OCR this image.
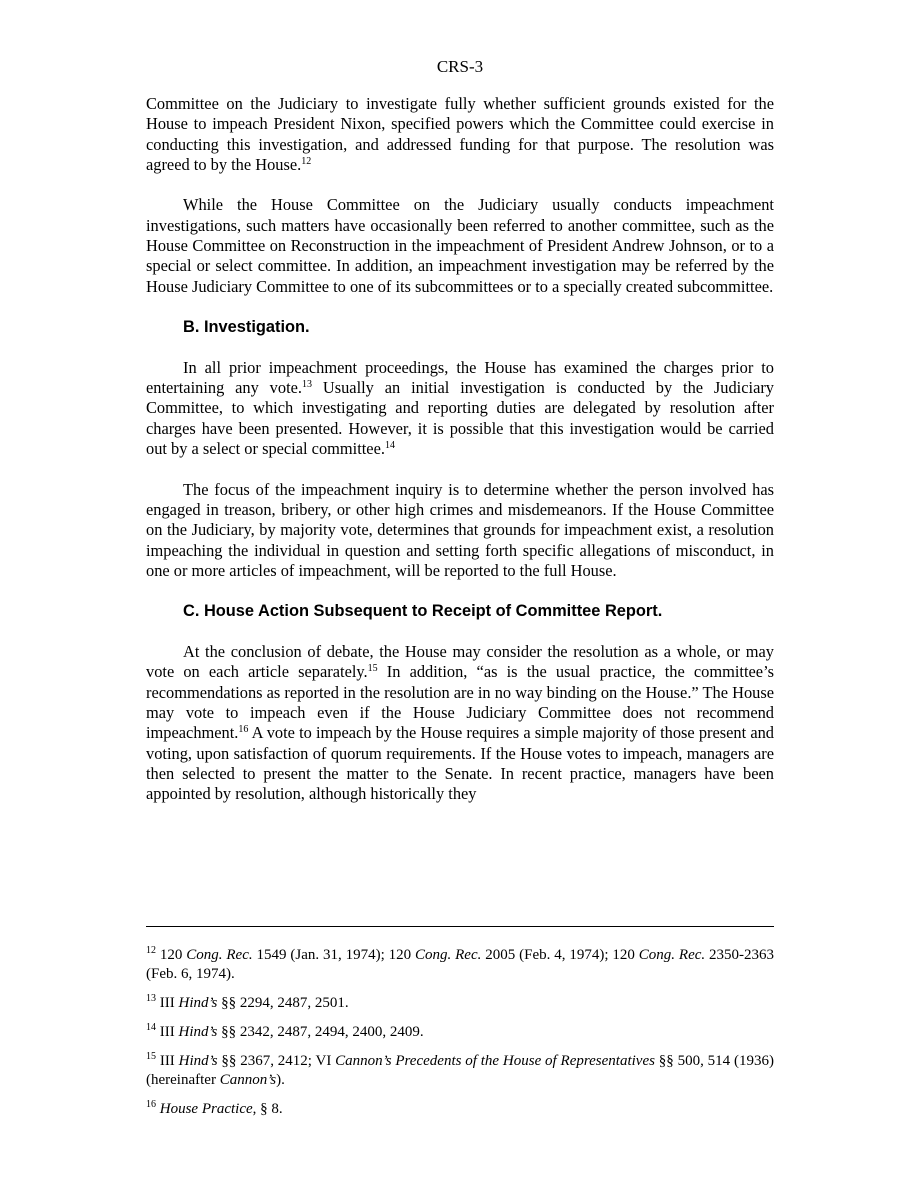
CRS-3

Committee on the Judiciary to investigate fully whether sufficient grounds existed for the House to impeach President Nixon, specified powers which the Committee could exercise in conducting this investigation, and addressed funding for that purpose. The resolution was agreed to by the House.$^{12}$

While the House Committee on the Judiciary usually conducts impeachment investigations, such matters have occasionally been referred to another committee, such as the House Committee on Reconstruction in the impeachment of President Andrew Johnson, or to a special or select committee. In addition, an impeachment investigation may be referred by the House Judiciary Committee to one of its subcommittees or to a specially created subcommittee.

B. Investigation.

In all prior impeachment proceedings, the House has examined the charges prior to entertaining any vote.$^{13}$ Usually an initial investigation is conducted by the Judiciary Committee, to which investigating and reporting duties are delegated by resolution after charges have been presented. However, it is possible that this investigation would be carried out by a select or special committee.$^{14}$

The focus of the impeachment inquiry is to determine whether the person involved has engaged in treason, bribery, or other high crimes and misdemeanors. If the House Committee on the Judiciary, by majority vote, determines that grounds for impeachment exist, a resolution impeaching the individual in question and setting forth specific allegations of misconduct, in one or more articles of impeachment, will be reported to the full House.

C. House Action Subsequent to Receipt of Committee Report.

At the conclusion of debate, the House may consider the resolution as a whole, or may vote on each article separately.$^{15}$ In addition, “as is the usual practice, the committee’s recommendations as reported in the resolution are in no way binding on the House.” The House may vote to impeach even if the House Judiciary Committee does not recommend impeachment.$^{16}$ A vote to impeach by the House requires a simple majority of those present and voting, upon satisfaction of quorum requirements. If the House votes to impeach, managers are then selected to present the matter to the Senate. In recent practice, managers have been appointed by resolution, although historically they

$^{12}$ 120 Cong. Rec. 1549 (Jan. 31, 1974); 120 Cong. Rec. 2005 (Feb. 4, 1974); 120 Cong. Rec. 2350-2363 (Feb. 6, 1974).
$^{13}$ III Hind’s §§ 2294, 2487, 2501.
$^{14}$ III Hind’s §§ 2342, 2487, 2494, 2400, 2409.
$^{15}$ III Hind’s §§ 2367, 2412; VI Cannon’s Precedents of the House of Representatives §§ 500, 514 (1936) (hereinafter Cannon’s).
$^{16}$ House Practice, § 8.
